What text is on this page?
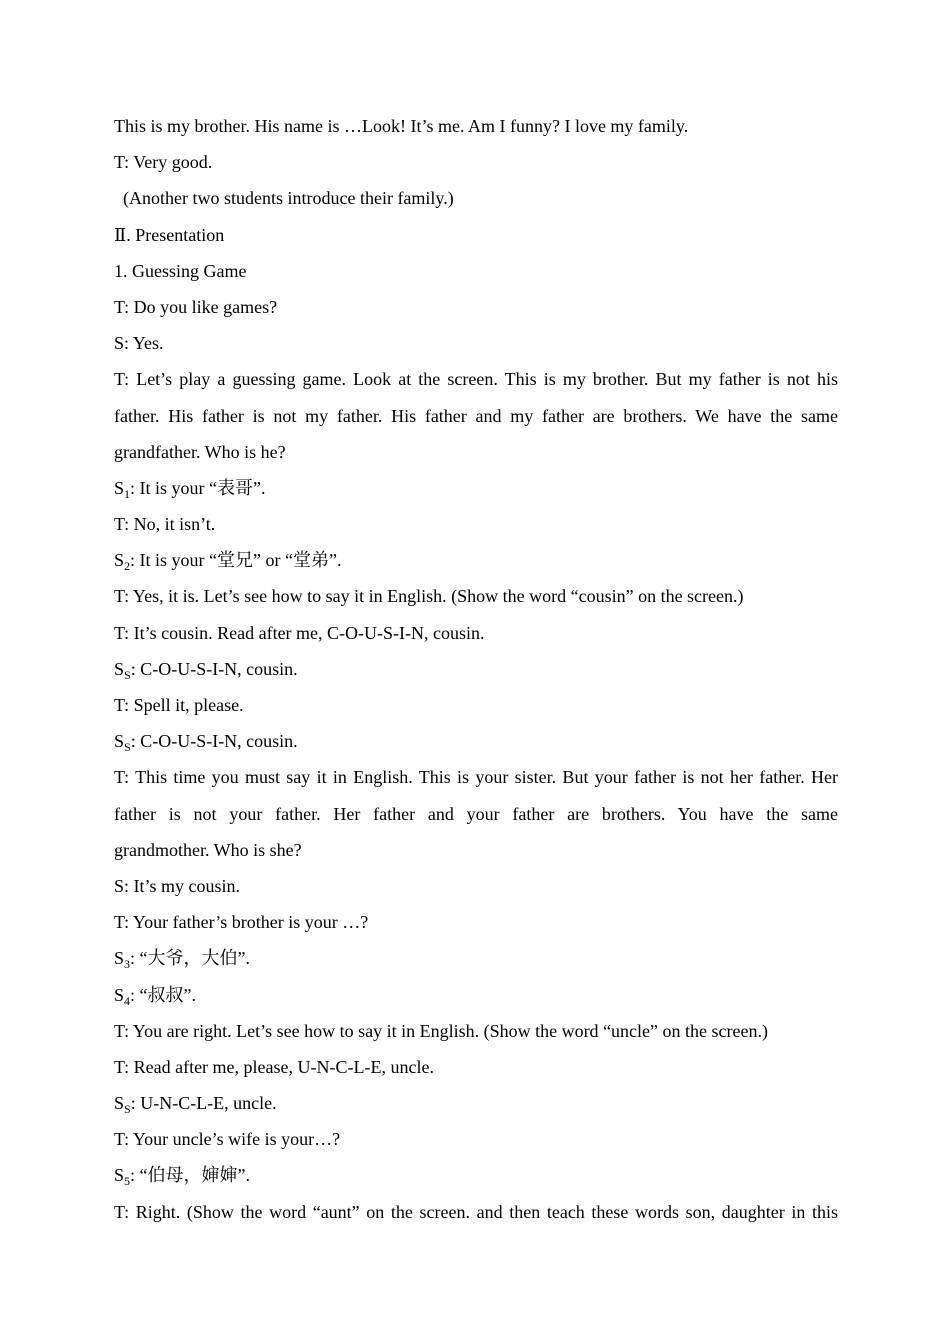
This is my brother. His name is …Look! It’s me. Am I funny? I love my family.
T: Very good.
(Another two students introduce their family.)
Ⅱ. Presentation
1. Guessing Game
T: Do you like games?
S: Yes.
T: Let’s play a guessing game. Look at the screen. This is my brother. But my father is not his
father. His father is not my father. His father and my father are brothers. We have the same
grandfather. Who is he?
$S_1$: It is your “表哥”.
T: No, it isn’t.
$S_2$: It is your “堂兄” or “堂弟”.
T: Yes, it is. Let’s see how to say it in English. (Show the word “cousin” on the screen.)
T: It’s cousin. Read after me, C-O-U-S-I-N, cousin.
$S_S$: C-O-U-S-I-N, cousin.
T: Spell it, please.
$S_S$: C-O-U-S-I-N, cousin.
T: This time you must say it in English. This is your sister. But your father is not her father. Her
father is not your father. Her father and your father are brothers. You have the same
grandmother. Who is she?
S: It’s my cousin.
T: Your father’s brother is your …?
$S_3$: “大爷，大伯”.
$S_4$: “叔叔”.
T: You are right. Let’s see how to say it in English. (Show the word “uncle” on the screen.)
T: Read after me, please, U-N-C-L-E, uncle.
$S_S$: U-N-C-L-E, uncle.
T: Your uncle’s wife is your…?
$S_5$: “伯母，婶婶”.
T: Right. (Show the word “aunt” on the screen. and then teach these words son, daughter in this
